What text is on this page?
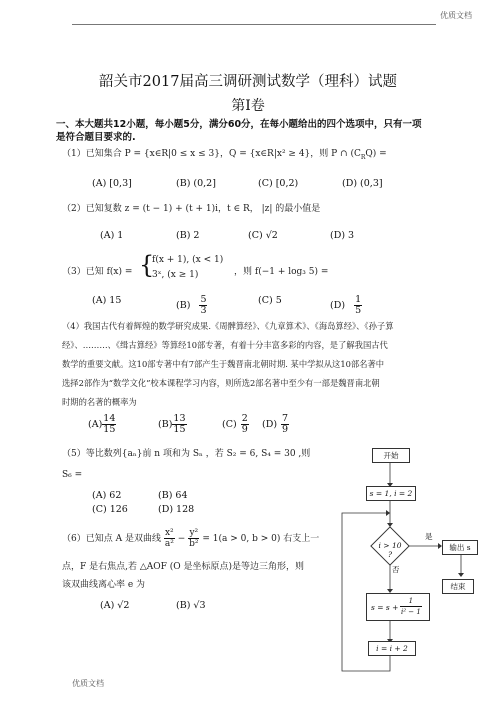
优质文档
韶关市2017届高三调研测试数学（理科）试题
第Ⅰ卷
一、本大题共12小题，每小题5分，满分60分，在每小题给出的四个选项中，只有一项
是符合题目要求的.
（1）已知集合 P = {x∈R|0 ≤ x ≤ 3}，Q = {x∈R|x² ≥ 4}，则 P ∩ $(C_RQ)$ =
(A) [0,3]	(B) (0,2]	(C) [0,2)	(D) (0,3]
（2）已知复数 z = (t − 1) + (t + 1)i，t ∈ R， |z| 的最小值是
(A) 1	(B) 2	(C) √2	(D) 3
（3）已知 f(x) = {
f(x + 1), (x < 1)
3ˣ, (x ≥ 1)	，则 f(−1 + log₃ 5) =
(A) 15	$(B) \frac{5}{3}$	(C) 5	$(D) \frac{1}{5}$
（4）我国古代有着辉煌的数学研究成果.《周髀算经》、《九章算术》、《海岛算经》、《孙子算
经》、………、《缉古算经》等算经10部专著，有着十分丰富多彩的内容，是了解我国古代
数学的重要文献。这10部专著中有7部产生于魏晋南北朝时期. 某中学拟从这10部名著中
选择2部作为“数学文化”校本课程学习内容，则所选2部名著中至少有一部是魏晋南北朝
时期的名著的概率为
$(A) \frac{14}{15}$	$(B) \frac{13}{15}$	$(C) \frac{2}{9} (D) \frac{7}{9}$
（5）等比数列{aₙ}前 n 项和为 Sₙ ，若 S₂ = 6, S₄ = 30 ,则
S₆ =
(A) 62	(B) 64
(C) 126	(D) 128
（6）已知点 A 是双曲线 $\frac{\text{x²}}{\text{a²}} - \frac{\text{y²}}{\text{b²}} = 1(a > 0$, b > 0) 右支上一
点，F 是右焦点,若 △AOF (O 是坐标原点)是等边三角形，则
该双曲线离心率 e 为
(A) √2	(B) √3
开始
s = 1, i = 2
i > 10 ?
是
否
输出 s
结束
$s = s + \frac{1}{\text{i² − 1}}$
i = i + 2
优质文档
